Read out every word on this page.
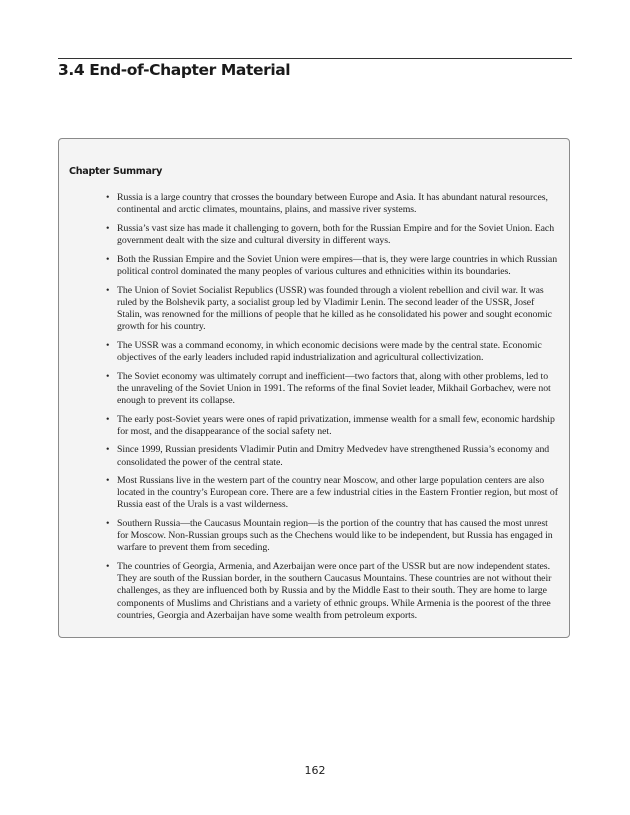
3.4 End-of-Chapter Material
Chapter Summary
• Russia is a large country that crosses the boundary between Europe and Asia. It has abundant natural resources, continental and arctic climates, mountains, plains, and massive river systems.
• Russia’s vast size has made it challenging to govern, both for the Russian Empire and for the Soviet Union. Each government dealt with the size and cultural diversity in different ways.
• Both the Russian Empire and the Soviet Union were empires—that is, they were large countries in which Russian political control dominated the many peoples of various cultures and ethnicities within its boundaries.
• The Union of Soviet Socialist Republics (USSR) was founded through a violent rebellion and civil war. It was ruled by the Bolshevik party, a socialist group led by Vladimir Lenin. The second leader of the USSR, Josef Stalin, was renowned for the millions of people that he killed as he consolidated his power and sought economic growth for his country.
• The USSR was a command economy, in which economic decisions were made by the central state. Economic objectives of the early leaders included rapid industrialization and agricultural collectivization.
• The Soviet economy was ultimately corrupt and inefficient—two factors that, along with other problems, led to the unraveling of the Soviet Union in 1991. The reforms of the final Soviet leader, Mikhail Gorbachev, were not enough to prevent its collapse.
• The early post-Soviet years were ones of rapid privatization, immense wealth for a small few, economic hardship for most, and the disappearance of the social safety net.
• Since 1999, Russian presidents Vladimir Putin and Dmitry Medvedev have strengthened Russia’s economy and consolidated the power of the central state.
• Most Russians live in the western part of the country near Moscow, and other large population centers are also located in the country’s European core. There are a few industrial cities in the Eastern Frontier region, but most of Russia east of the Urals is a vast wilderness.
• Southern Russia—the Caucasus Mountain region—is the portion of the country that has caused the most unrest for Moscow. Non-Russian groups such as the Chechens would like to be independent, but Russia has engaged in warfare to prevent them from seceding.
• The countries of Georgia, Armenia, and Azerbaijan were once part of the USSR but are now independent states. They are south of the Russian border, in the southern Caucasus Mountains. These countries are not without their challenges, as they are influenced both by Russia and by the Middle East to their south. They are home to large components of Muslims and Christians and a variety of ethnic groups. While Armenia is the poorest of the three countries, Georgia and Azerbaijan have some wealth from petroleum exports.
162
